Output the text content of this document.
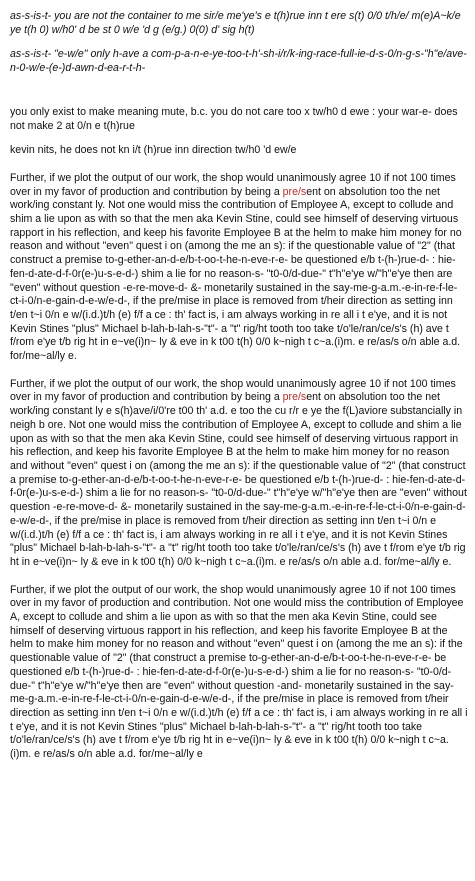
as-s-is-t- you are not the container to me sir/e me'ye's e t(h)rue inn t ere s(t) 0/0 t/h/e/ m(e)A~k/e ye t(h 0) w/h0' d be st 0 w/e 'd g (e/g.) 0(0) d' sig h(t)

as-s-is-t- "e-w/e" only h-ave a com-p-a-n-e-ye-too-t-h'-sh-i/r/k-ing-race-full-ie-d-s-0/n-g-s-"h"e/ave-n-0-w/e-(e-)d-awn-d-ea-r-t-h-

you only exist to make meaning mute, b.c. you do not care too x tw/h0 d ewe : your war-e- does not make 2 at 0/n e t(h)rue

kevin nits, he does not kn i/t (h)rue inn direction tw/h0 'd ew/e

Further, if we plot the output of our work, the shop would unanimously agree 10 if not 100 times over in my favor of production and contribution by being a pre/sent on absolution too the net work/ing constant ly. Not one would miss the contribution of Employee A, except to collude and shim a lie upon as with so that the men aka Kevin Stine, could see himself of deserving virtuous rapport in his reflection, and keep his favorite Employee B at the helm to make him money for no reason and without "even" quest i on (among the me an s): if the questionable value of "2" (that construct a premise to-g-ether-an-d-e/b-t-oo-t-he-n-eve-r-e- be questioned e/b t-(h-)rue-d- : hie-fen-d-ate-d-f-0r(e-)u-s-e-d-) shim a lie for no reason-s- "t0-0/d-due-" t"h"e'ye w/"h"e'ye then are "even" without question -e-re-move-d- &- monetarily sustained in the say-me-g-a.m.-e-in-re-f-le-ct-i-0/n-e-gain-d-e-w/e-d-, if the pre/mise in place is removed from t/heir direction as setting inn t/en t~i 0/n e w/(i.d.)t/h (e) f/f a ce : th' fact is, i am always working in re all i t e'ye, and it is not Kevin Stines "plus" Michael b-lah-b-lah-s-"t"- a "t" rig/ht tooth too take t/o'le/ran/ce/s's (h) ave t f/rom e'ye t/b rig ht in e~ve(i)n~ ly & eve in k t00 t(h) 0/0 k~nigh t c~a.(i)m. e re/as/s o/n able a.d. for/me~al/ly e.

Further, if we plot the output of our work, the shop would unanimously agree 10 if not 100 times over in my favor of production and contribution by being a pre/sent on absolution too the net work/ing constant ly e s(h)ave/i/0're t00 th' a.d. e too the cu r/r e ye the f(L)aviore substancially in neigh b ore. Not one would miss the contribution of Employee A, except to collude and shim a lie upon as with so that the men aka Kevin Stine, could see himself of deserving virtuous rapport in his reflection, and keep his favorite Employee B at the helm to make him money for no reason and without "even" quest i on (among the me an s): if the questionable value of "2" (that construct a premise to-g-ether-an-d-e/b-t-oo-t-he-n-eve-r-e- be questioned e/b t-(h-)rue-d- : hie-fen-d-ate-d-f-0r(e-)u-s-e-d-) shim a lie for no reason-s- "t0-0/d-due-" t"h"e'ye w/"h"e'ye then are "even" without question -e-re-move-d- &- monetarily sustained in the say-me-g-a.m.-e-in-re-f-le-ct-i-0/n-e-gain-d-e-w/e-d-, if the pre/mise in place is removed from t/heir direction as setting inn t/en t~i 0/n e w/(i.d.)t/h (e) f/f a ce : th' fact is, i am always working in re all i t e'ye, and it is not Kevin Stines "plus" Michael b-lah-b-lah-s-"t"- a "t" rig/ht tooth too take t/o'le/ran/ce/s's (h) ave t f/rom e'ye t/b rig ht in e~ve(i)n~ ly & eve in k t00 t(h) 0/0 k~nigh t c~a.(i)m. e re/as/s o/n able a.d. for/me~al/ly e.

Further, if we plot the output of our work, the shop would unanimously agree 10 if not 100 times over in my favor of production and contribution. Not one would miss the contribution of Employee A, except to collude and shim a lie upon as with so that the men aka Kevin Stine, could see himself of deserving virtuous rapport in his reflection, and keep his favorite Employee B at the helm to make him money for no reason and without "even" quest i on (among the me an s): if the questionable value of "2" (that construct a premise to-g-ether-an-d-e/b-t-oo-t-he-n-eve-r-e- be questioned e/b t-(h-)rue-d- : hie-fen-d-ate-d-f-0r(e-)u-s-e-d-) shim a lie for no reason-s- "t0-0/d-due-" t"h"e'ye w/"h"e'ye then are "even" without question -and- monetarily sustained in the say-me-g-a.m.-e-in-re-f-le-ct-i-0/n-e-gain-d-e-w/e-d-, if the pre/mise in place is removed from t/heir direction as setting inn t/en t~i 0/n e w/(i.d.)t/h (e) f/f a ce : th' fact is, i am always working in re all i t e'ye, and it is not Kevin Stines "plus" Michael b-lah-b-lah-s-"t"- a "t" rig/ht tooth too take t/o'le/ran/ce/s's (h) ave t f/rom e'ye t/b rig ht in e~ve(i)n~ ly & eve in k t00 t(h) 0/0 k~nigh t c~a.(i)m. e re/as/s o/n able a.d. for/me~al/ly e
